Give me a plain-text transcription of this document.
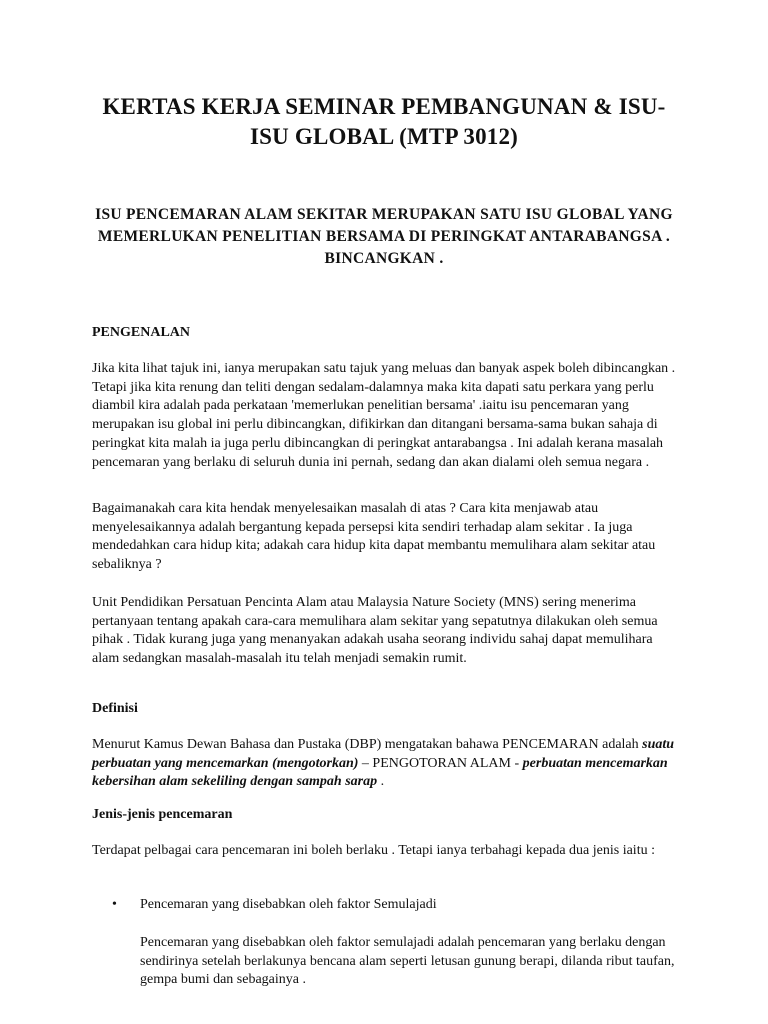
KERTAS KERJA SEMINAR PEMBANGUNAN & ISU-ISU GLOBAL (MTP 3012)
ISU PENCEMARAN ALAM SEKITAR MERUPAKAN SATU ISU GLOBAL YANG MEMERLUKAN PENELITIAN BERSAMA DI PERINGKAT ANTARABANGSA . BINCANGKAN .
PENGENALAN

Jika kita lihat tajuk ini, ianya merupakan satu tajuk yang meluas dan banyak aspek boleh dibincangkan . Tetapi jika kita renung dan teliti dengan sedalam-dalamnya maka kita dapati satu perkara yang perlu diambil kira adalah pada perkataan 'memerlukan penelitian bersama' .iaitu isu pencemaran yang merupakan isu global ini perlu dibincangkan, difikirkan dan ditangani bersama-sama bukan sahaja di peringkat kita malah ia juga perlu dibincangkan di peringkat antarabangsa . Ini adalah kerana masalah pencemaran yang berlaku di seluruh dunia ini pernah, sedang dan akan dialami oleh semua negara .

Bagaimanakah cara kita hendak menyelesaikan masalah di atas ? Cara kita menjawab atau menyelesaikannya adalah bergantung kepada persepsi kita sendiri terhadap alam sekitar . Ia juga mendedahkan cara hidup kita; adakah cara hidup kita dapat membantu memulihara alam sekitar atau sebaliknya ?

Unit Pendidikan Persatuan Pencinta Alam atau Malaysia Nature Society (MNS) sering menerima pertanyaan tentang apakah cara-cara memulihara alam sekitar yang sepatutnya dilakukan oleh semua pihak . Tidak kurang juga yang menanyakan adakah usaha seorang individu sahaj dapat memulihara alam sedangkan masalah-masalah itu telah menjadi semakin rumit.

Definisi

Menurut Kamus Dewan Bahasa dan Pustaka (DBP) mengatakan bahawa PENCEMARAN adalah suatu perbuatan yang mencemarkan (mengotorkan) – PENGOTORAN ALAM - perbuatan mencemarkan kebersihan alam sekeliling dengan sampah sarap .

Jenis-jenis pencemaran

Terdapat pelbagai cara pencemaran ini boleh berlaku . Tetapi ianya terbahagi kepada dua jenis iaitu :

• Pencemaran yang disebabkan oleh faktor Semulajadi

Pencemaran yang disebabkan oleh faktor semulajadi adalah pencemaran yang berlaku dengan sendirinya setelah berlakunya bencana alam seperti letusan gunung berapi, dilanda ribut taufan, gempa bumi dan sebagainya .
